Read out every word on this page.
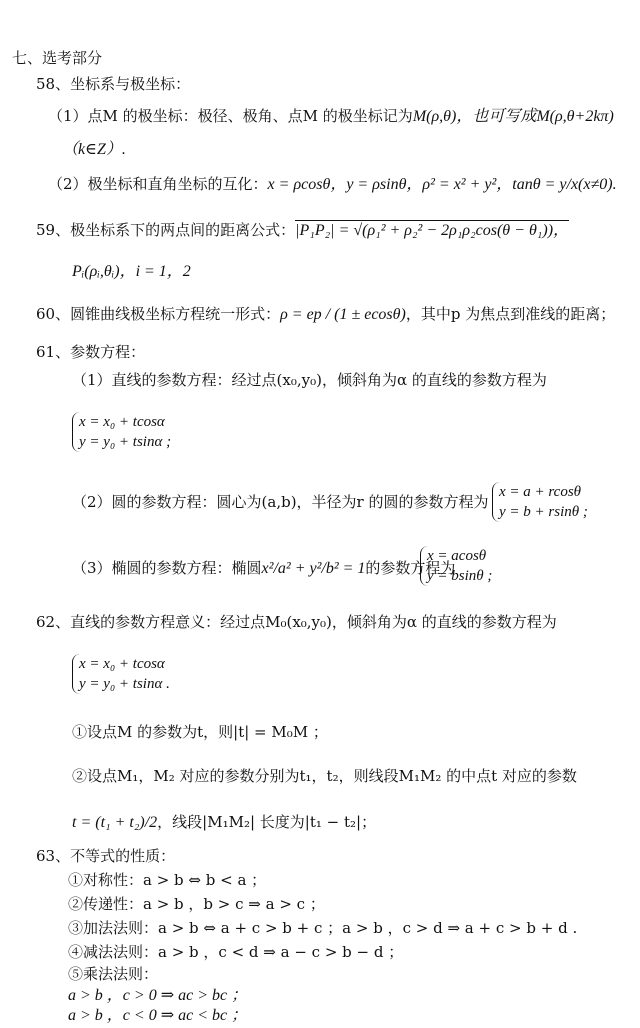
七、选考部分
58、坐标系与极坐标：
（1）点M 的极坐标：极径、极角、点M 的极坐标记为M(ρ,θ)，也可写成M(ρ,θ+2kπ)
（k∈Z）.
（2）极坐标和直角坐标的互化：x = ρcosθ，y = ρsinθ，ρ² = x² + y²，tanθ = y/x(x≠0).
59、极坐标系下的两点间的距离公式：|P₁P₂| = √(ρ₁² + ρ₂² − 2ρ₁ρ₂cos(θ − θ₁))，
Pᵢ(ρᵢ,θᵢ)，i = 1，2
60、圆锥曲线极坐标方程统一形式：ρ = ep / (1 ± ecosθ)，其中p 为焦点到准线的距离；
61、参数方程：
（1）直线的参数方程：经过点(x₀,y₀)，倾斜角为α 的直线的参数方程为
x = x₀ + tcosα
y = y₀ + tsinα ;
（2）圆的参数方程：圆心为(a,b)，半径为r 的圆的参数方程为
x = a + rcosθ
y = b + rsinθ ;
（3）椭圆的参数方程：椭圆x²/a² + y²/b² = 1的参数方程为
x = acosθ
y = bsinθ ;
62、直线的参数方程意义：经过点M₀(x₀,y₀)，倾斜角为α 的直线的参数方程为
x = x₀ + tcosα
y = y₀ + tsinα .
①设点M 的参数为t，则|t| = M₀M ；
②设点M₁，M₂ 对应的参数分别为t₁，t₂，则线段M₁M₂ 的中点t 对应的参数
t = (t₁ + t₂)/2，线段|M₁M₂| 长度为|t₁ − t₂|；
63、不等式的性质：
①对称性：a > b ⇔ b < a ；
②传递性：a > b ，b > c ⇒ a > c ；
③加法法则：a > b ⇔ a + c > b + c ；a > b ，c > d ⇒ a + c > b + d .
④减法法则：a > b ，c < d ⇒ a − c > b − d ；
⑤乘法法则：
a > b ，c > 0 ⇒ ac > bc ；
a > b ，c < 0 ⇒ ac < bc ；
